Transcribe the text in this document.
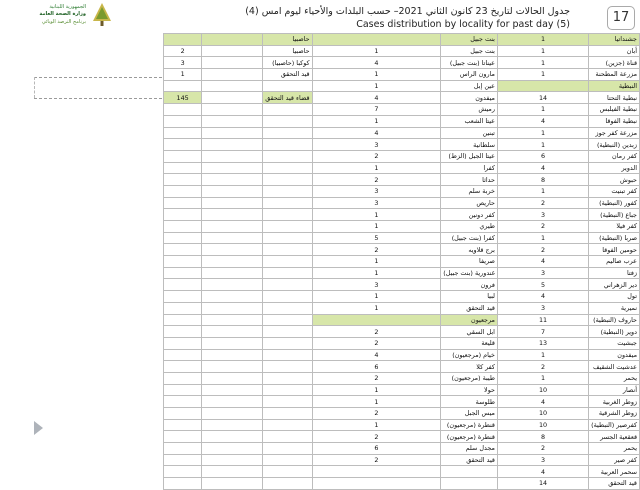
الجمهورية اللبنانية
وزارة الصحة العامة
برنامج الترصد الوبائي
جدول الحالات لتاريخ 23 كانون الثاني 2021– حسب البلدات والأحياء ليوم امس (4)
Cases distribution by locality for past day (5)	17
		حاصبيا		بنت جبيل	1	جشنداتيا
2		حاصبيا	1	بنت جبيل	1	أبان
3		كوكبا (حاصبيا)	4	عيناتا (بنت جبيل)	1	قناة (جزين)
1		قيد التحقق	1	مارون الراس	1	مزرعة المطحنة
			1	عين إبل		النبطية
145		قضاء قيد التحقق	4	ميفدون	14	نبطية التحتا
			7	رميش	1	نبطية الفيلبس
			1	عيتا الشعب	4	نبطية الفوقا
			4	تبنين	1	مزرعة كفر جوز
			3	سلطانية	1	زبدين (النبطية)
			2	عيتا الجبل (الزط)	6	كفر رمان
			1	كفرا	4	الدوير
			2	حداثا	8	حبوش
			3	خربة سلم	1	كفر تبنيت
			3	حاريص	2	كفور (النبطية)
			1	كفر دونين	3	جباع (النبطية)
			1	طيري	2	كفر فيلا
			5	كفرا (بنت جبيل)	1	صربا (النبطية)
			2	برج قلاويه	2	حومين الفوقا
			1	صريفا	4	عرب صاليم
			1	غندورية (بنت جبيل)	3	زفتا
			3	فرون	5	دير الزهراني
			1	لبيا	4	تول
			1	قيد التحقق	3	نميرية
				مرجعيون	11	حاروف (النبطية)
			2	ابل السقي	7	دوير (النبطية)
			2	قليعة	13	جبشيت
			4	خيام (مرجعيون)	1	ميفدون
			6	كفر كلا	2	عدشيت الشقيف
			2	طيبة (مرجعيون)	1	يحمر
			1	حولا	10	أنصار
			1	طلوسة	4	زوطر الغربية
			2	ميس الجبل	10	زوطر الشرقية
			1	قنطرة (مرجعيون)	10	كفرصير (النبطية)
			2	قنطرة (مرجعيون)	8	قعقعية الجسر
			6	مجدل سلم	2	يحمر
			2	قيد التحقق	3	كفر صير
					4	سحمر العربية
					14	قيد التحقق
